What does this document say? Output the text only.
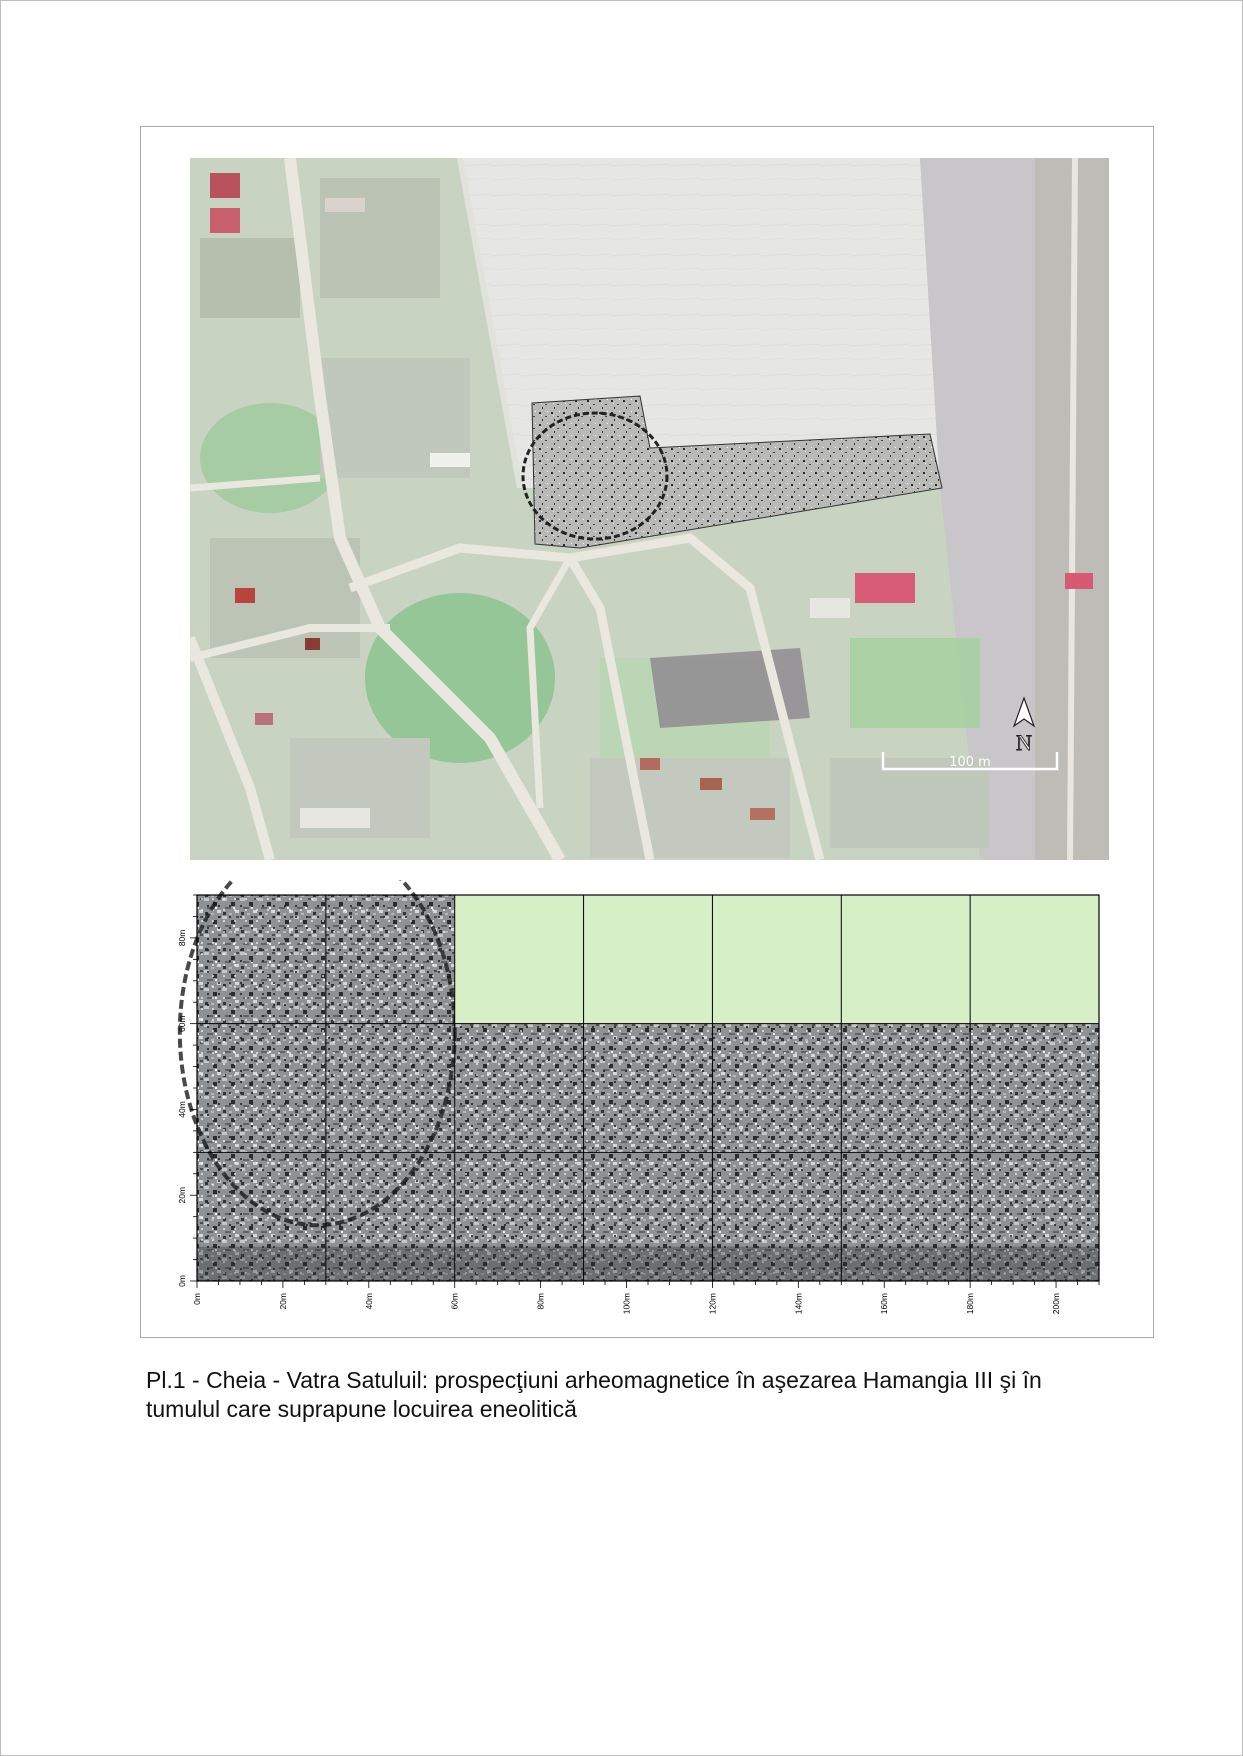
N
100 m
0m	20m	40m	60m	80m	100m	120m	140m	160m	180m	200m
0m
20m
40m
60m
80m

Pl.1 - Cheia - Vatra Satuluil: prospecţiuni arheomagnetice în aşezarea Hamangia III şi în

tumulul care suprapune locuirea eneolitică
